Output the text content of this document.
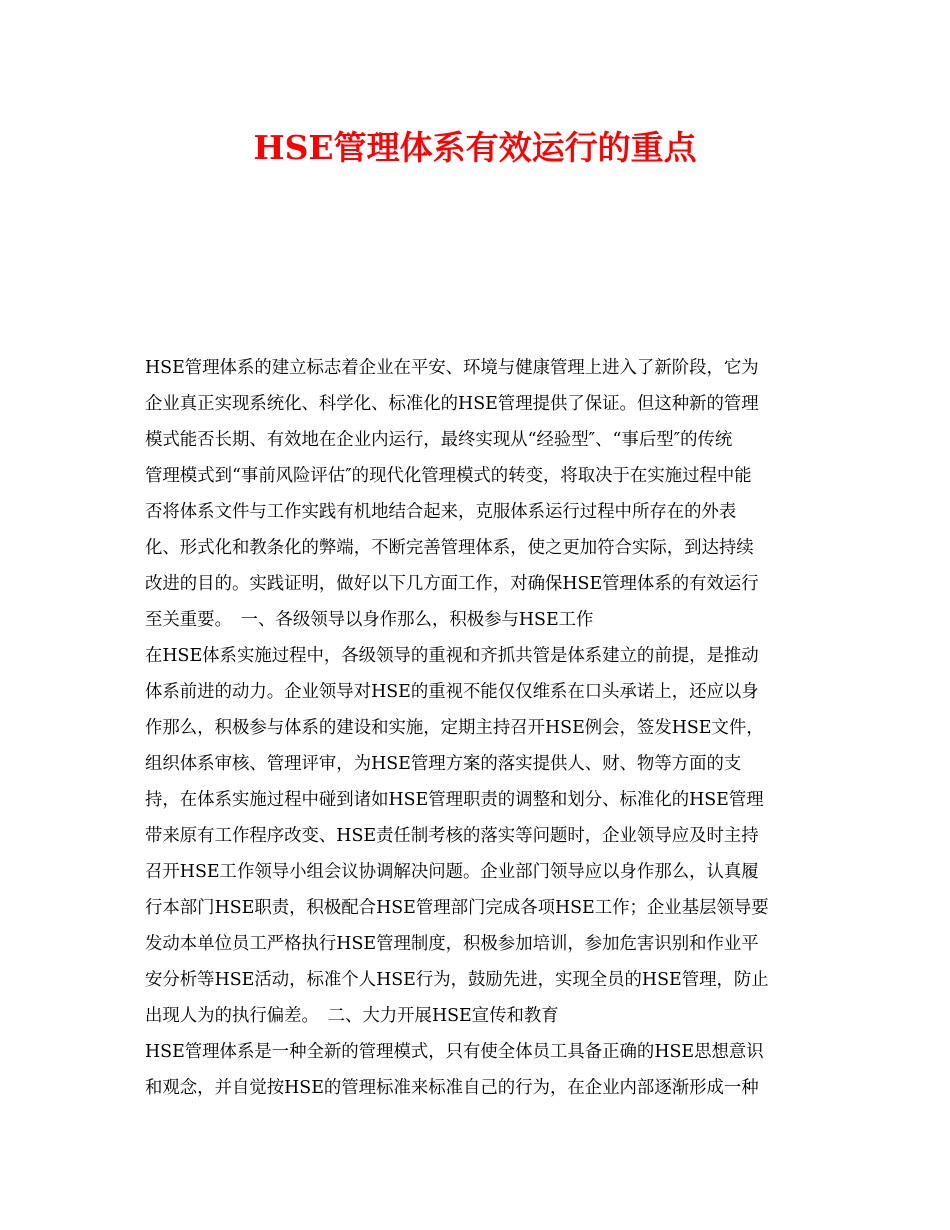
HSE管理体系有效运行的重点
HSE管理体系的建立标志着企业在平安、环境与健康管理上进入了新阶段，它为
企业真正实现系统化、科学化、标准化的HSE管理提供了保证。但这种新的管理
模式能否长期、有效地在企业内运行，最终实现从“经验型″、“事后型″的传统
管理模式到“事前风险评估″的现代化管理模式的转变，将取决于在实施过程中能
否将体系文件与工作实践有机地结合起来，克服体系运行过程中所存在的外表
化、形式化和教条化的弊端，不断完善管理体系，使之更加符合实际，到达持续
改进的目的。实践证明，做好以下几方面工作，对确保HSE管理体系的有效运行
至关重要。　一、各级领导以身作那么，积极参与HSE工作
在HSE体系实施过程中，各级领导的重视和齐抓共管是体系建立的前提，是推动
体系前进的动力。企业领导对HSE的重视不能仅仅维系在口头承诺上，还应以身
作那么，积极参与体系的建设和实施，定期主持召开HSE例会，签发HSE文件，
组织体系审核、管理评审，为HSE管理方案的落实提供人、财、物等方面的支
持，在体系实施过程中碰到诸如HSE管理职责的调整和划分、标准化的HSE管理
带来原有工作程序改变、HSE责任制考核的落实等问题时，企业领导应及时主持
召开HSE工作领导小组会议协调解决问题。企业部门领导应以身作那么，认真履
行本部门HSE职责，积极配合HSE管理部门完成各项HSE工作；企业基层领导要
发动本单位员工严格执行HSE管理制度，积极参加培训，参加危害识别和作业平
安分析等HSE活动，标准个人HSE行为，鼓励先进，实现全员的HSE管理，防止
出现人为的执行偏差。　二、大力开展HSE宣传和教育
HSE管理体系是一种全新的管理模式，只有使全体员工具备正确的HSE思想意识
和观念，并自觉按HSE的管理标准来标准自己的行为，在企业内部逐渐形成一种
